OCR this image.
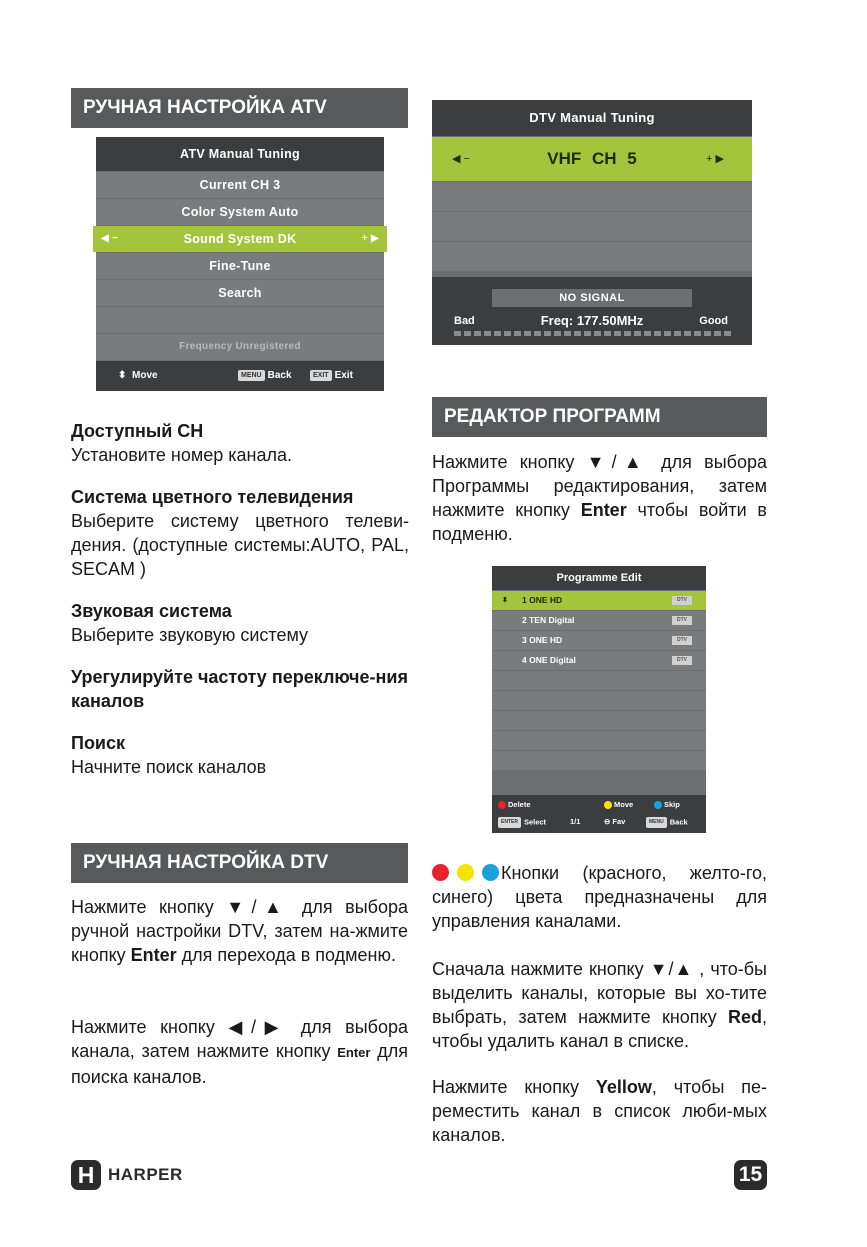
РУЧНАЯ НАСТРОЙКА ATV
РЕДАКТОР ПРОГРАММ
РУЧНАЯ НАСТРОЙКА DTV
ATV Manual Tuning
Current CH 3
Color System Auto
◀ −	Sound System DK	+ ▶
Fine-Tune
Search
Frequency Unregistered
⬍ Move	MENU Back	EXIT Exit
DTV Manual Tuning
◀ −	VHF CH 5	+ ▶
NO SIGNAL
Bad	Freq: 177.50MHz	Good
Programme Edit
⬍ 1 ONE HD	DTV
2 TEN Digital	DTV
3 ONE HD	DTV
4 ONE Digital	DTV
Delete	Move	Skip
ENTER Select	1/1	⊖ Fav	MENU Back
Доступный CH
Установите номер канала.
Система цветного телевидения
Выберите систему цветного телеви-дения. (доступные системы:AUTO, PAL, SECAM )
Звуковая система
Выберите звуковую систему
Урегулируйте частоту переключе-ния каналов
Поиск
Начните поиск каналов
Нажмите кнопку ▼/▲ для выбора ручной настройки DTV, затем на-жмите кнопку Enter для перехода в подменю.
Нажмите кнопку ◀/▶ для выбора канала, затем нажмите кнопку Enter для поиска каналов.
Нажмите кнопку ▼/▲ для выбора Программы редактирования, затем нажмите кнопку Enter чтобы войти в подменю.
Кнопки (красного, желто-го, синего) цвета предназначены для управления каналами.
Сначала нажмите кнопку ▼/▲ , что-бы выделить каналы, которые вы хо-тите выбрать, затем нажмите кнопку Red, чтобы удалить канал в списке.
Нажмите кнопку Yellow, чтобы пе-реместить канал в список люби-мых каналов.
H HARPER	15
